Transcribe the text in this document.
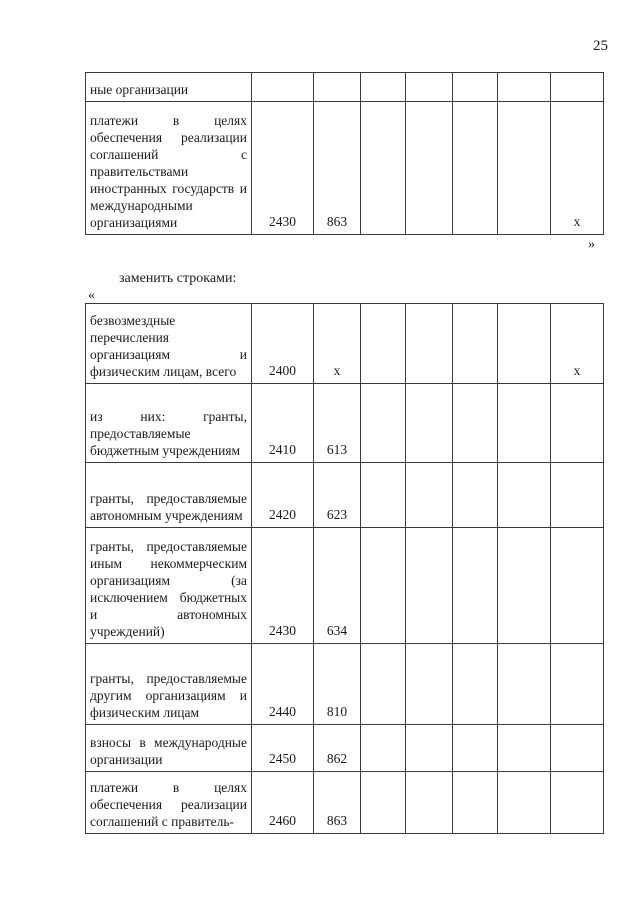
25
ные организации							
платежи в целях обеспечения реализации соглашений с правительствами иностранных государств и международными организациями	2430	863					х
»
заменить строками:
«
безвозмездные перечисления организациям и физическим лицам, всего	2400	х					х
из них: гранты, предоставляемые бюджетным учреждениям	2410	613					
гранты, предоставляемые автономным учреждениям	2420	623					
гранты, предоставляемые иным некоммерческим организациям (за исключением бюджетных и автономных учреждений)	2430	634					
гранты, предоставляемые другим организациям и физическим лицам	2440	810					
взносы в международные организации	2450	862					
платежи в целях обеспечения реализации соглашений с правитель-	2460	863					
